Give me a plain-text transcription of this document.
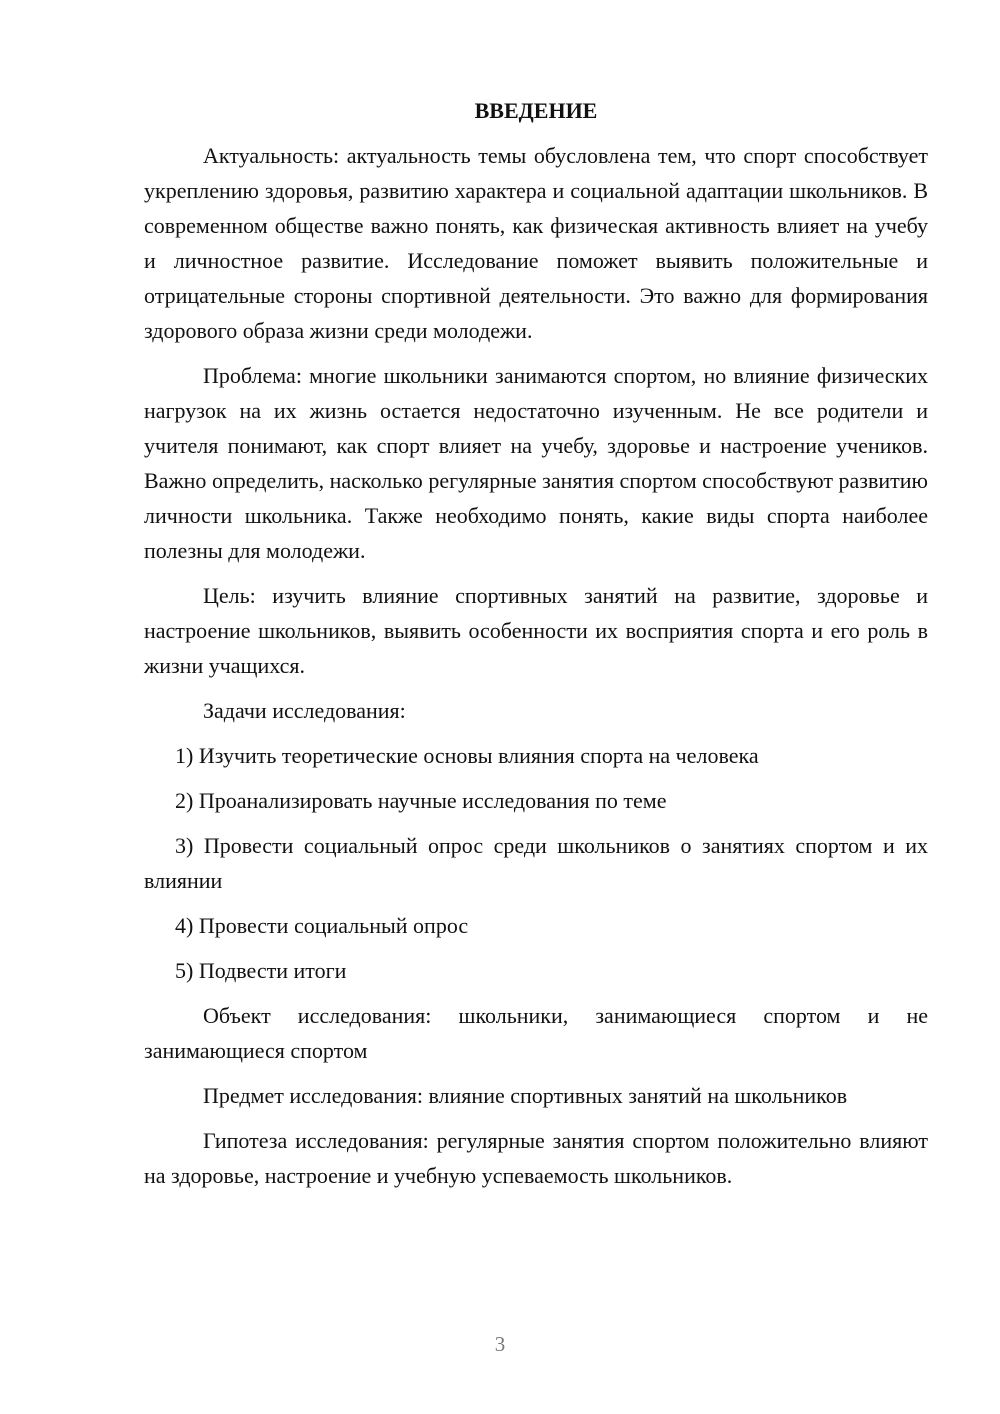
ВВЕДЕНИЕ

Актуальность: актуальность темы обусловлена тем, что спорт способствует укреплению здоровья, развитию характера и социальной адаптации школьников. В современном обществе важно понять, как физическая активность влияет на учебу и личностное развитие. Исследование поможет выявить положительные и отрицательные стороны спортивной деятельности. Это важно для формирования здорового образа жизни среди молодежи.

Проблема: многие школьники занимаются спортом, но влияние физических нагрузок на их жизнь остается недостаточно изученным. Не все родители и учителя понимают, как спорт влияет на учебу, здоровье и настроение учеников. Важно определить, насколько регулярные занятия спортом способствуют развитию личности школьника. Также необходимо понять, какие виды спорта наиболее полезны для молодежи.

Цель: изучить влияние спортивных занятий на развитие, здоровье и настроение школьников, выявить особенности их восприятия спорта и его роль в жизни учащихся.

Задачи исследования:

1) Изучить теоретические основы влияния спорта на человека

2) Проанализировать научные исследования по теме

3) Провести социальный опрос среди школьников о занятиях спортом и их влиянии

4) Провести социальный опрос

5) Подвести итоги

Объект исследования: школьники, занимающиеся спортом и не занимающиеся спортом

Предмет исследования: влияние спортивных занятий на школьников

Гипотеза исследования: регулярные занятия спортом положительно влияют на здоровье, настроение и учебную успеваемость школьников.

3
